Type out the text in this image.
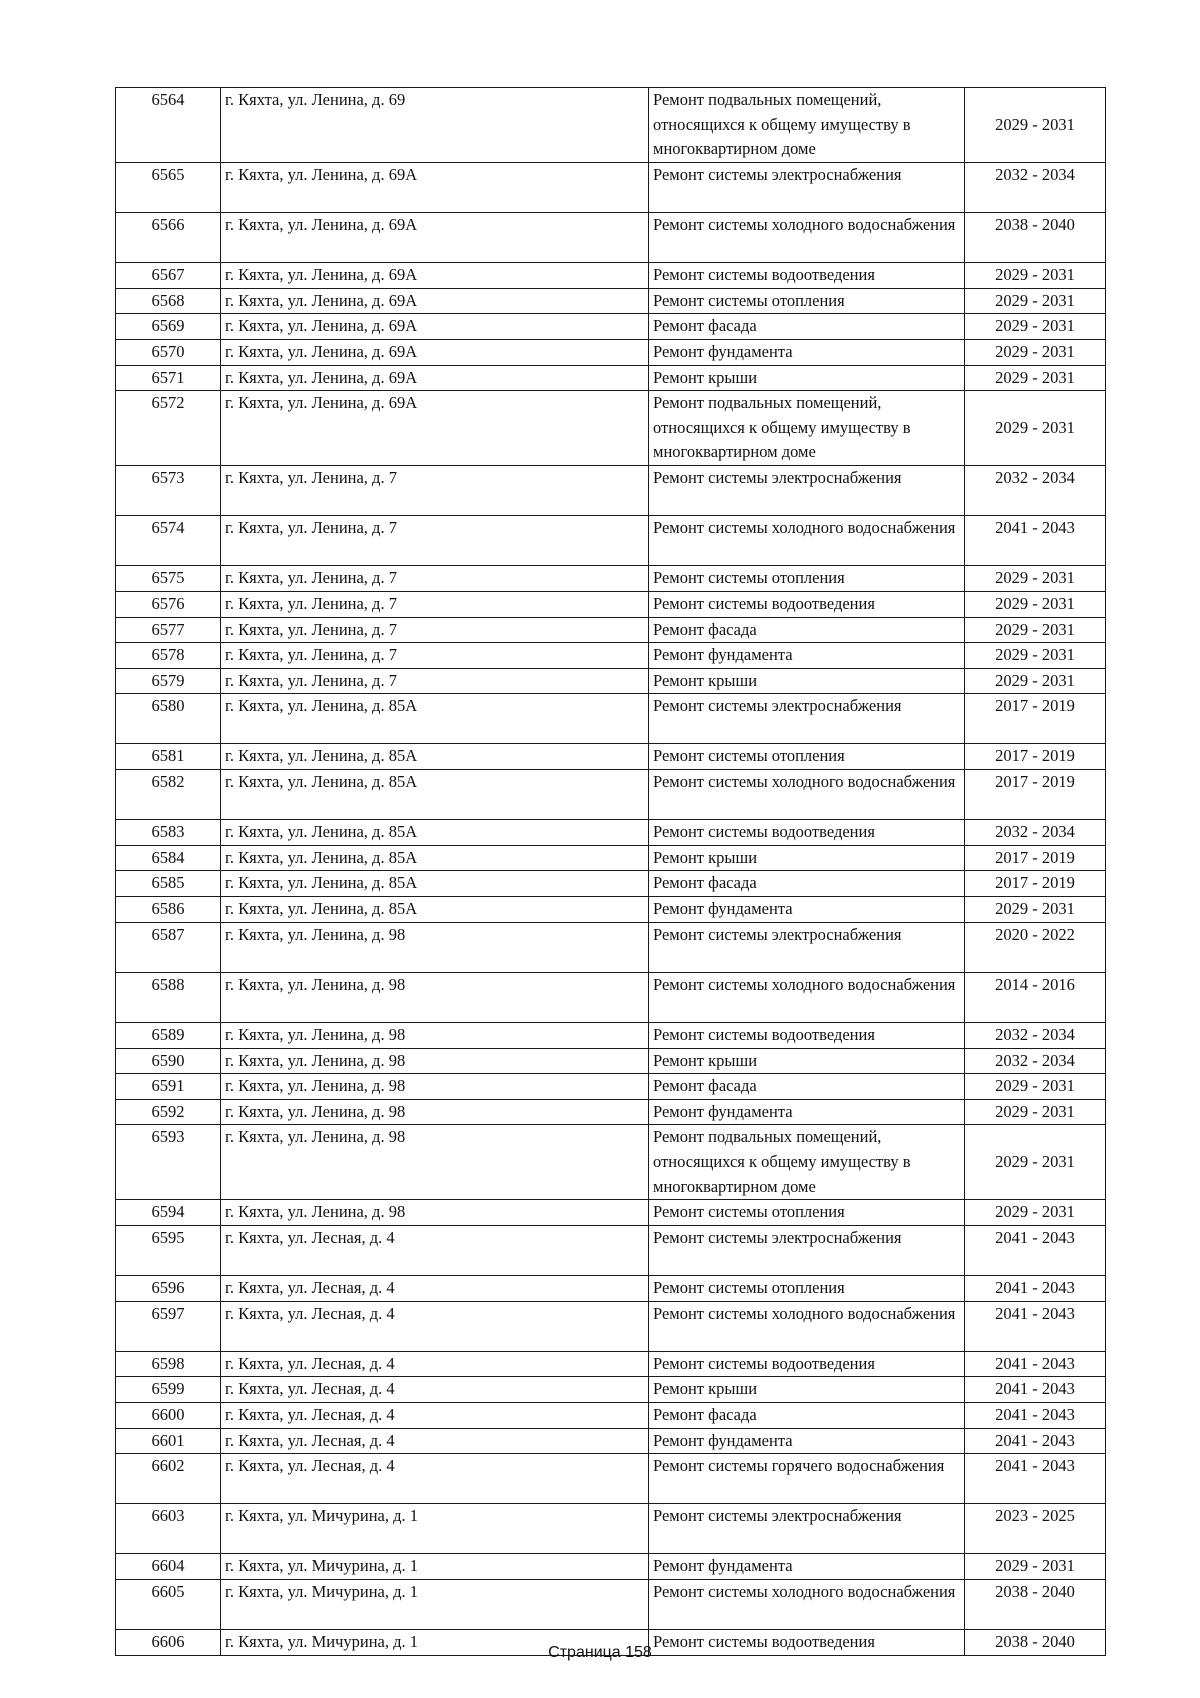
6564	г. Кяхта, ул. Ленина, д. 69	Ремонт подвальных помещений, относящихся к общему имуществу в многоквартирном доме	2029 - 2031
6565	г. Кяхта, ул. Ленина, д. 69А	Ремонт системы электроснабжения	2032 - 2034
6566	г. Кяхта, ул. Ленина, д. 69А	Ремонт системы холодного водоснабжения	2038 - 2040
6567	г. Кяхта, ул. Ленина, д. 69А	Ремонт системы водоотведения	2029 - 2031
6568	г. Кяхта, ул. Ленина, д. 69А	Ремонт системы отопления	2029 - 2031
6569	г. Кяхта, ул. Ленина, д. 69А	Ремонт фасада	2029 - 2031
6570	г. Кяхта, ул. Ленина, д. 69А	Ремонт фундамента	2029 - 2031
6571	г. Кяхта, ул. Ленина, д. 69А	Ремонт крыши	2029 - 2031
6572	г. Кяхта, ул. Ленина, д. 69А	Ремонт подвальных помещений, относящихся к общему имуществу в многоквартирном доме	2029 - 2031
6573	г. Кяхта, ул. Ленина, д. 7	Ремонт системы электроснабжения	2032 - 2034
6574	г. Кяхта, ул. Ленина, д. 7	Ремонт системы холодного водоснабжения	2041 - 2043
6575	г. Кяхта, ул. Ленина, д. 7	Ремонт системы отопления	2029 - 2031
6576	г. Кяхта, ул. Ленина, д. 7	Ремонт системы водоотведения	2029 - 2031
6577	г. Кяхта, ул. Ленина, д. 7	Ремонт фасада	2029 - 2031
6578	г. Кяхта, ул. Ленина, д. 7	Ремонт фундамента	2029 - 2031
6579	г. Кяхта, ул. Ленина, д. 7	Ремонт крыши	2029 - 2031
6580	г. Кяхта, ул. Ленина, д. 85А	Ремонт системы электроснабжения	2017 - 2019
6581	г. Кяхта, ул. Ленина, д. 85А	Ремонт системы отопления	2017 - 2019
6582	г. Кяхта, ул. Ленина, д. 85А	Ремонт системы холодного водоснабжения	2017 - 2019
6583	г. Кяхта, ул. Ленина, д. 85А	Ремонт системы водоотведения	2032 - 2034
6584	г. Кяхта, ул. Ленина, д. 85А	Ремонт крыши	2017 - 2019
6585	г. Кяхта, ул. Ленина, д. 85А	Ремонт фасада	2017 - 2019
6586	г. Кяхта, ул. Ленина, д. 85А	Ремонт фундамента	2029 - 2031
6587	г. Кяхта, ул. Ленина, д. 98	Ремонт системы электроснабжения	2020 - 2022
6588	г. Кяхта, ул. Ленина, д. 98	Ремонт системы холодного водоснабжения	2014 - 2016
6589	г. Кяхта, ул. Ленина, д. 98	Ремонт системы водоотведения	2032 - 2034
6590	г. Кяхта, ул. Ленина, д. 98	Ремонт крыши	2032 - 2034
6591	г. Кяхта, ул. Ленина, д. 98	Ремонт фасада	2029 - 2031
6592	г. Кяхта, ул. Ленина, д. 98	Ремонт фундамента	2029 - 2031
6593	г. Кяхта, ул. Ленина, д. 98	Ремонт подвальных помещений, относящихся к общему имуществу в многоквартирном доме	2029 - 2031
6594	г. Кяхта, ул. Ленина, д. 98	Ремонт системы отопления	2029 - 2031
6595	г. Кяхта, ул. Лесная, д. 4	Ремонт системы электроснабжения	2041 - 2043
6596	г. Кяхта, ул. Лесная, д. 4	Ремонт системы отопления	2041 - 2043
6597	г. Кяхта, ул. Лесная, д. 4	Ремонт системы холодного водоснабжения	2041 - 2043
6598	г. Кяхта, ул. Лесная, д. 4	Ремонт системы водоотведения	2041 - 2043
6599	г. Кяхта, ул. Лесная, д. 4	Ремонт крыши	2041 - 2043
6600	г. Кяхта, ул. Лесная, д. 4	Ремонт фасада	2041 - 2043
6601	г. Кяхта, ул. Лесная, д. 4	Ремонт фундамента	2041 - 2043
6602	г. Кяхта, ул. Лесная, д. 4	Ремонт системы горячего водоснабжения	2041 - 2043
6603	г. Кяхта, ул. Мичурина, д. 1	Ремонт системы электроснабжения	2023 - 2025
6604	г. Кяхта, ул. Мичурина, д. 1	Ремонт фундамента	2029 - 2031
6605	г. Кяхта, ул. Мичурина, д. 1	Ремонт системы холодного водоснабжения	2038 - 2040
6606	г. Кяхта, ул. Мичурина, д. 1	Ремонт системы водоотведения	2038 - 2040
Страница 158
